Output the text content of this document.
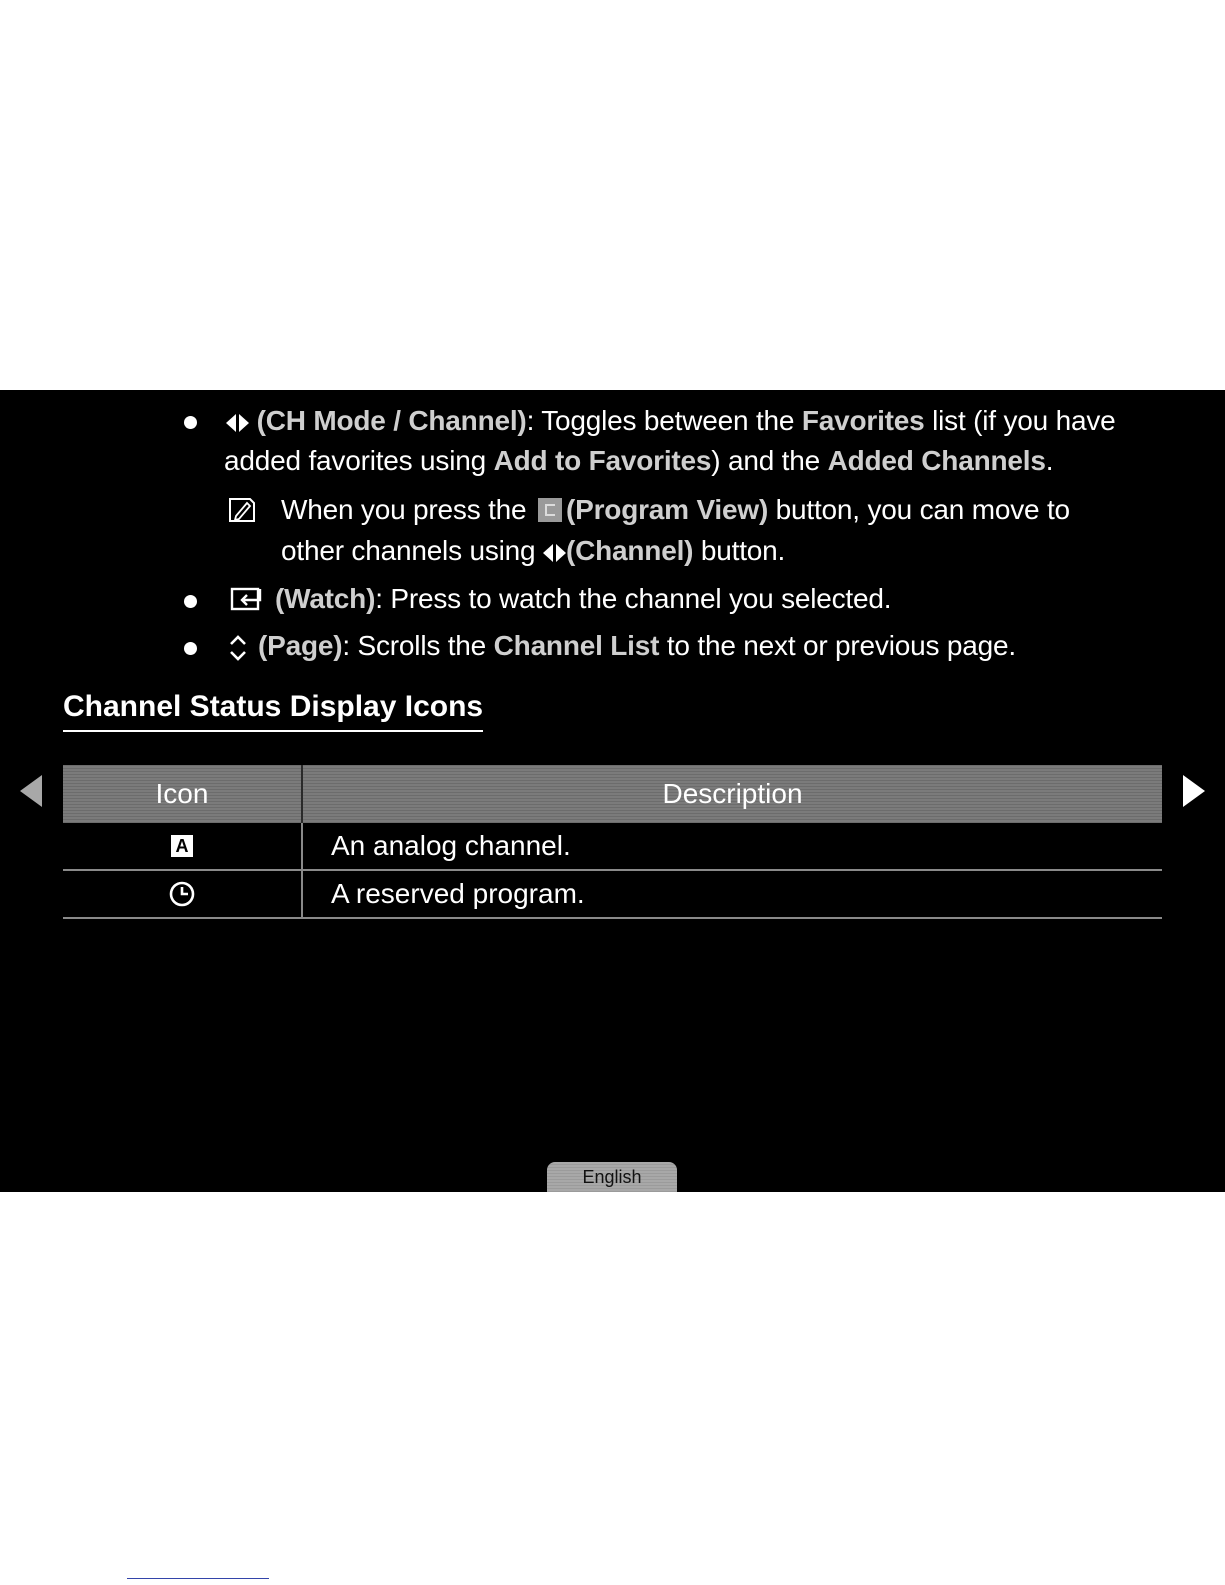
(CH Mode / Channel): Toggles between the Favorites list (if you have
added favorites using Add to Favorites) and the Added Channels.
When you press the (Program View) button, you can move to
other channels using (Channel) button.
(Watch): Press to watch the channel you selected.
(Page): Scrolls the Channel List to the next or previous page.
Channel Status Display Icons
Icon	Description
A	An analog channel.
A reserved program.
English
